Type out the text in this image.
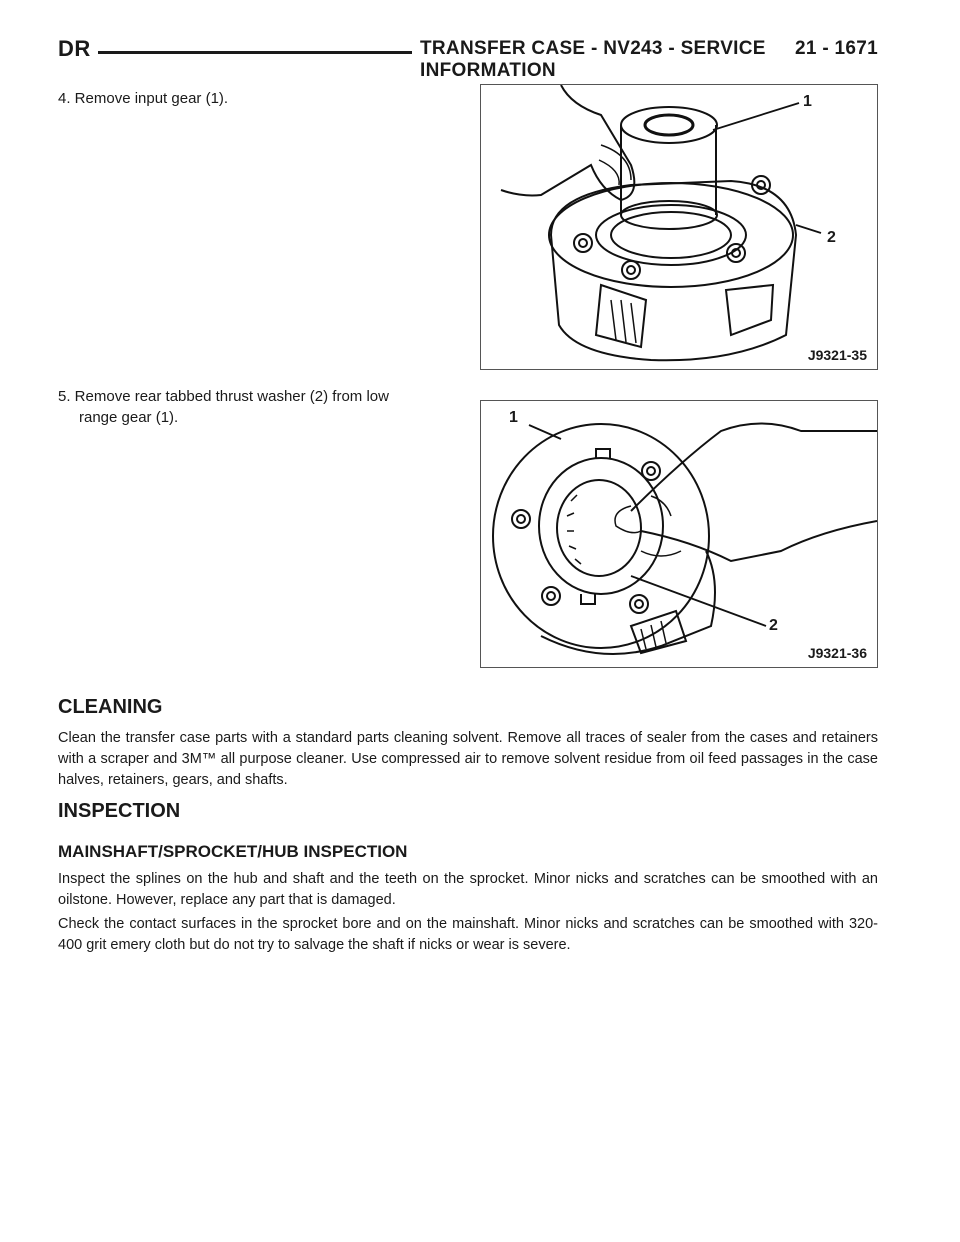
DR	TRANSFER CASE - NV243 - SERVICE INFORMATION
21 - 1671
4. Remove input gear (1).	1
2
J9321-35
5. Remove rear tabbed thrust washer (2) from low
range gear (1).	1
2
J9321-36
CLEANING
Clean the transfer case parts with a standard parts cleaning solvent. Remove all traces of sealer from the cases and retainers with a scraper and 3M™ all purpose cleaner. Use compressed air to remove solvent residue from oil feed passages in the case halves, retainers, gears, and shafts.
INSPECTION
MAINSHAFT/SPROCKET/HUB INSPECTION
Inspect the splines on the hub and shaft and the teeth on the sprocket. Minor nicks and scratches can be smoothed with an oilstone. However, replace any part that is damaged.
Check the contact surfaces in the sprocket bore and on the mainshaft. Minor nicks and scratches can be smoothed with 320-400 grit emery cloth but do not try to salvage the shaft if nicks or wear is severe.
